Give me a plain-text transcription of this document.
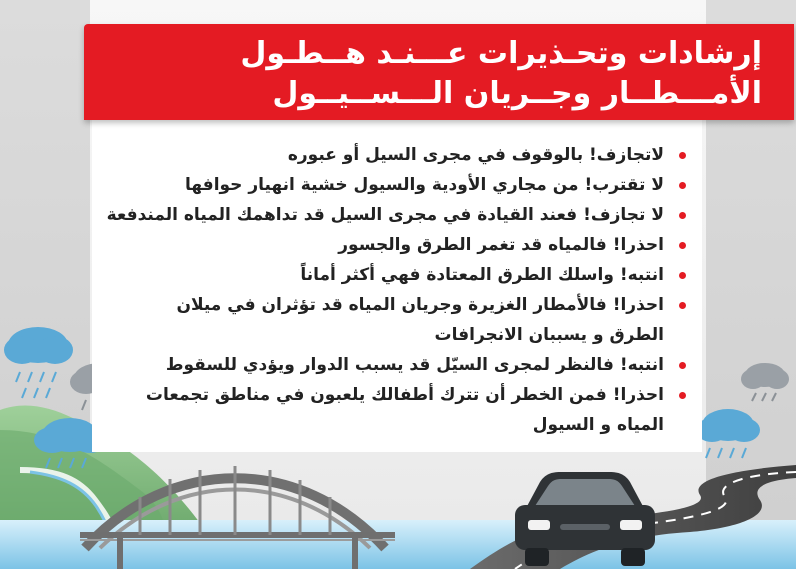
إرشادات وتحـذيرات عـــنـد هــطـول
الأمـــطــار وجــريان الـــســيــول
لاتجازف! بالوقوف في مجرى السيل أو عبوره
لا تقترب! من مجاري الأودية والسيول خشية انهيار حوافها
لا تجازف! فعند القيادة في مجرى السيل قد تداهمك المياه المندفعة
احذرا! فالمياه قد تغمر الطرق والجسور
انتبه! واسلك الطرق المعتادة فهي أكثر أماناً
احذرا! فالأمطار الغزيرة وجريان المياه قد تؤثران في ميلان
الطرق و يسببان الانجرافات
انتبه! فالنظر لمجرى السيّل قد يسبب الدوار ويؤدي للسقوط
احذرا! فمن الخطر أن تترك أطفالك يلعبون في مناطق تجمعات
المياه و السيول
